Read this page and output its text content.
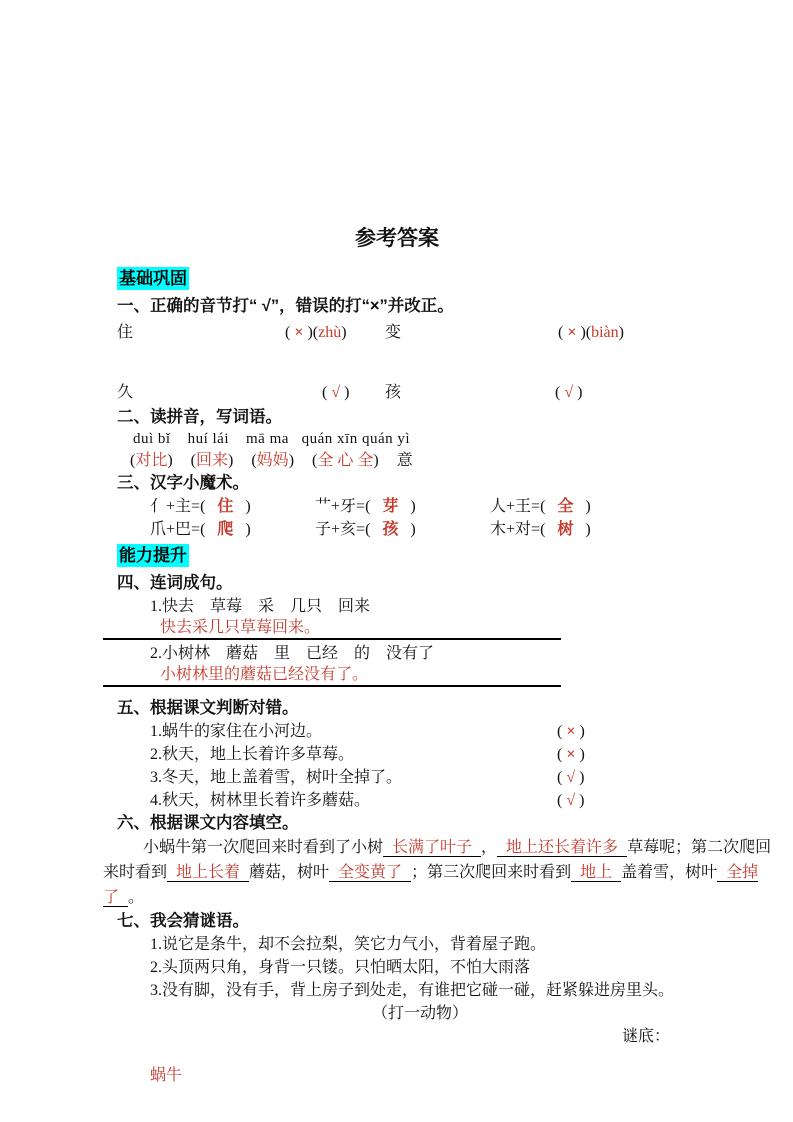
参考答案
基础巩固
一、正确的音节打“ √”，错误的打“×”并改正。
住	( × )(zhù) 变	( × )(biàn)
久	( √ ) 孩	( √ )
二、读拼音，写词语。
duì bǐ    huí lái    mā ma   quán xīn quán yì
(对比) (回来) (妈妈) (全 心 全) 意
三、汉字小魔术。
亻+主=( 住 )	艹+牙=( 芽 )	人+王=( 全 )
爪+巴=( 爬 )	子+亥=( 孩 )	木+对=( 树 )
能力提升
四、连词成句。
1.快去　草莓　采　几只　回来
快去采几只草莓回来。
2.小树林　蘑菇　里　已经　的　没有了
小树林里的蘑菇已经没有了。
五、根据课文判断对错。
1.蜗牛的家住在小河边。	( × )
2.秋天，地上长着许多草莓。	( × )
3.冬天，地上盖着雪，树叶全掉了。	( √ )
4.秋天，树林里长着许多蘑菇。	( √ )
六、根据课文内容填空。
小蜗牛第一次爬回来时看到了小树 长满了叶子 ， 地上还长着许多 草莓呢；第二次爬回来时看到 地上长着 蘑菇，树叶 全变黄了 ；第三次爬回来时看到 地上 盖着雪，树叶 全掉了 。
七、我会猜谜语。
1.说它是条牛，却不会拉梨，笑它力气小，背着屋子跑。
2.头顶两只角，身背一只镂。只怕晒太阳，不怕大雨落
3.没有脚，没有手，背上房子到处走，有谁把它碰一碰，赶紧躲进房里头。
（打一动物）
谜底：
蜗牛
